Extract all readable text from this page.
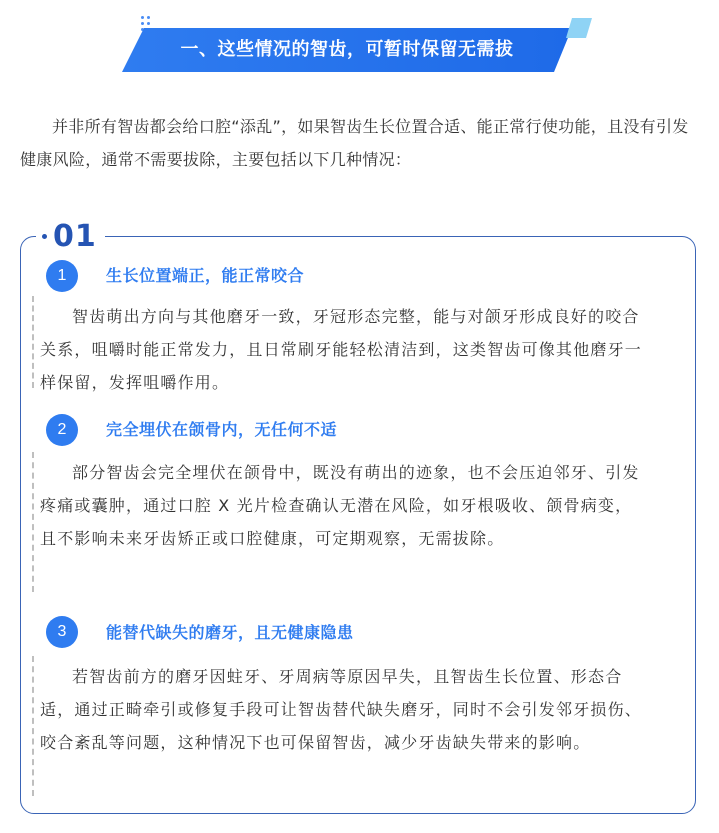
一、这些情况的智齿，可暂时保留无需拔

并非所有智齿都会给口腔“添乱”，如果智齿生长位置合适、能正常行使功能，且没有引发健康风险，通常不需要拔除，主要包括以下几种情况：

01
1	生长位置端正，能正常咬合

智齿萌出方向与其他磨牙一致，牙冠形态完整，能与对颌牙形成良好的咬合关系，咀嚼时能正常发力，且日常刷牙能轻松清洁到，这类智齿可像其他磨牙一样保留，发挥咀嚼作用。

2	完全埋伏在颌骨内，无任何不适

部分智齿会完全埋伏在颌骨中，既没有萌出的迹象，也不会压迫邻牙、引发疼痛或囊肿，通过口腔 X 光片检查确认无潜在风险，如牙根吸收、颌骨病变，且不影响未来牙齿矫正或口腔健康，可定期观察，无需拔除。

3	能替代缺失的磨牙，且无健康隐患

若智齿前方的磨牙因蛀牙、牙周病等原因早失，且智齿生长位置、形态合适，通过正畸牵引或修复手段可让智齿替代缺失磨牙，同时不会引发邻牙损伤、咬合紊乱等问题，这种情况下也可保留智齿，减少牙齿缺失带来的影响。
